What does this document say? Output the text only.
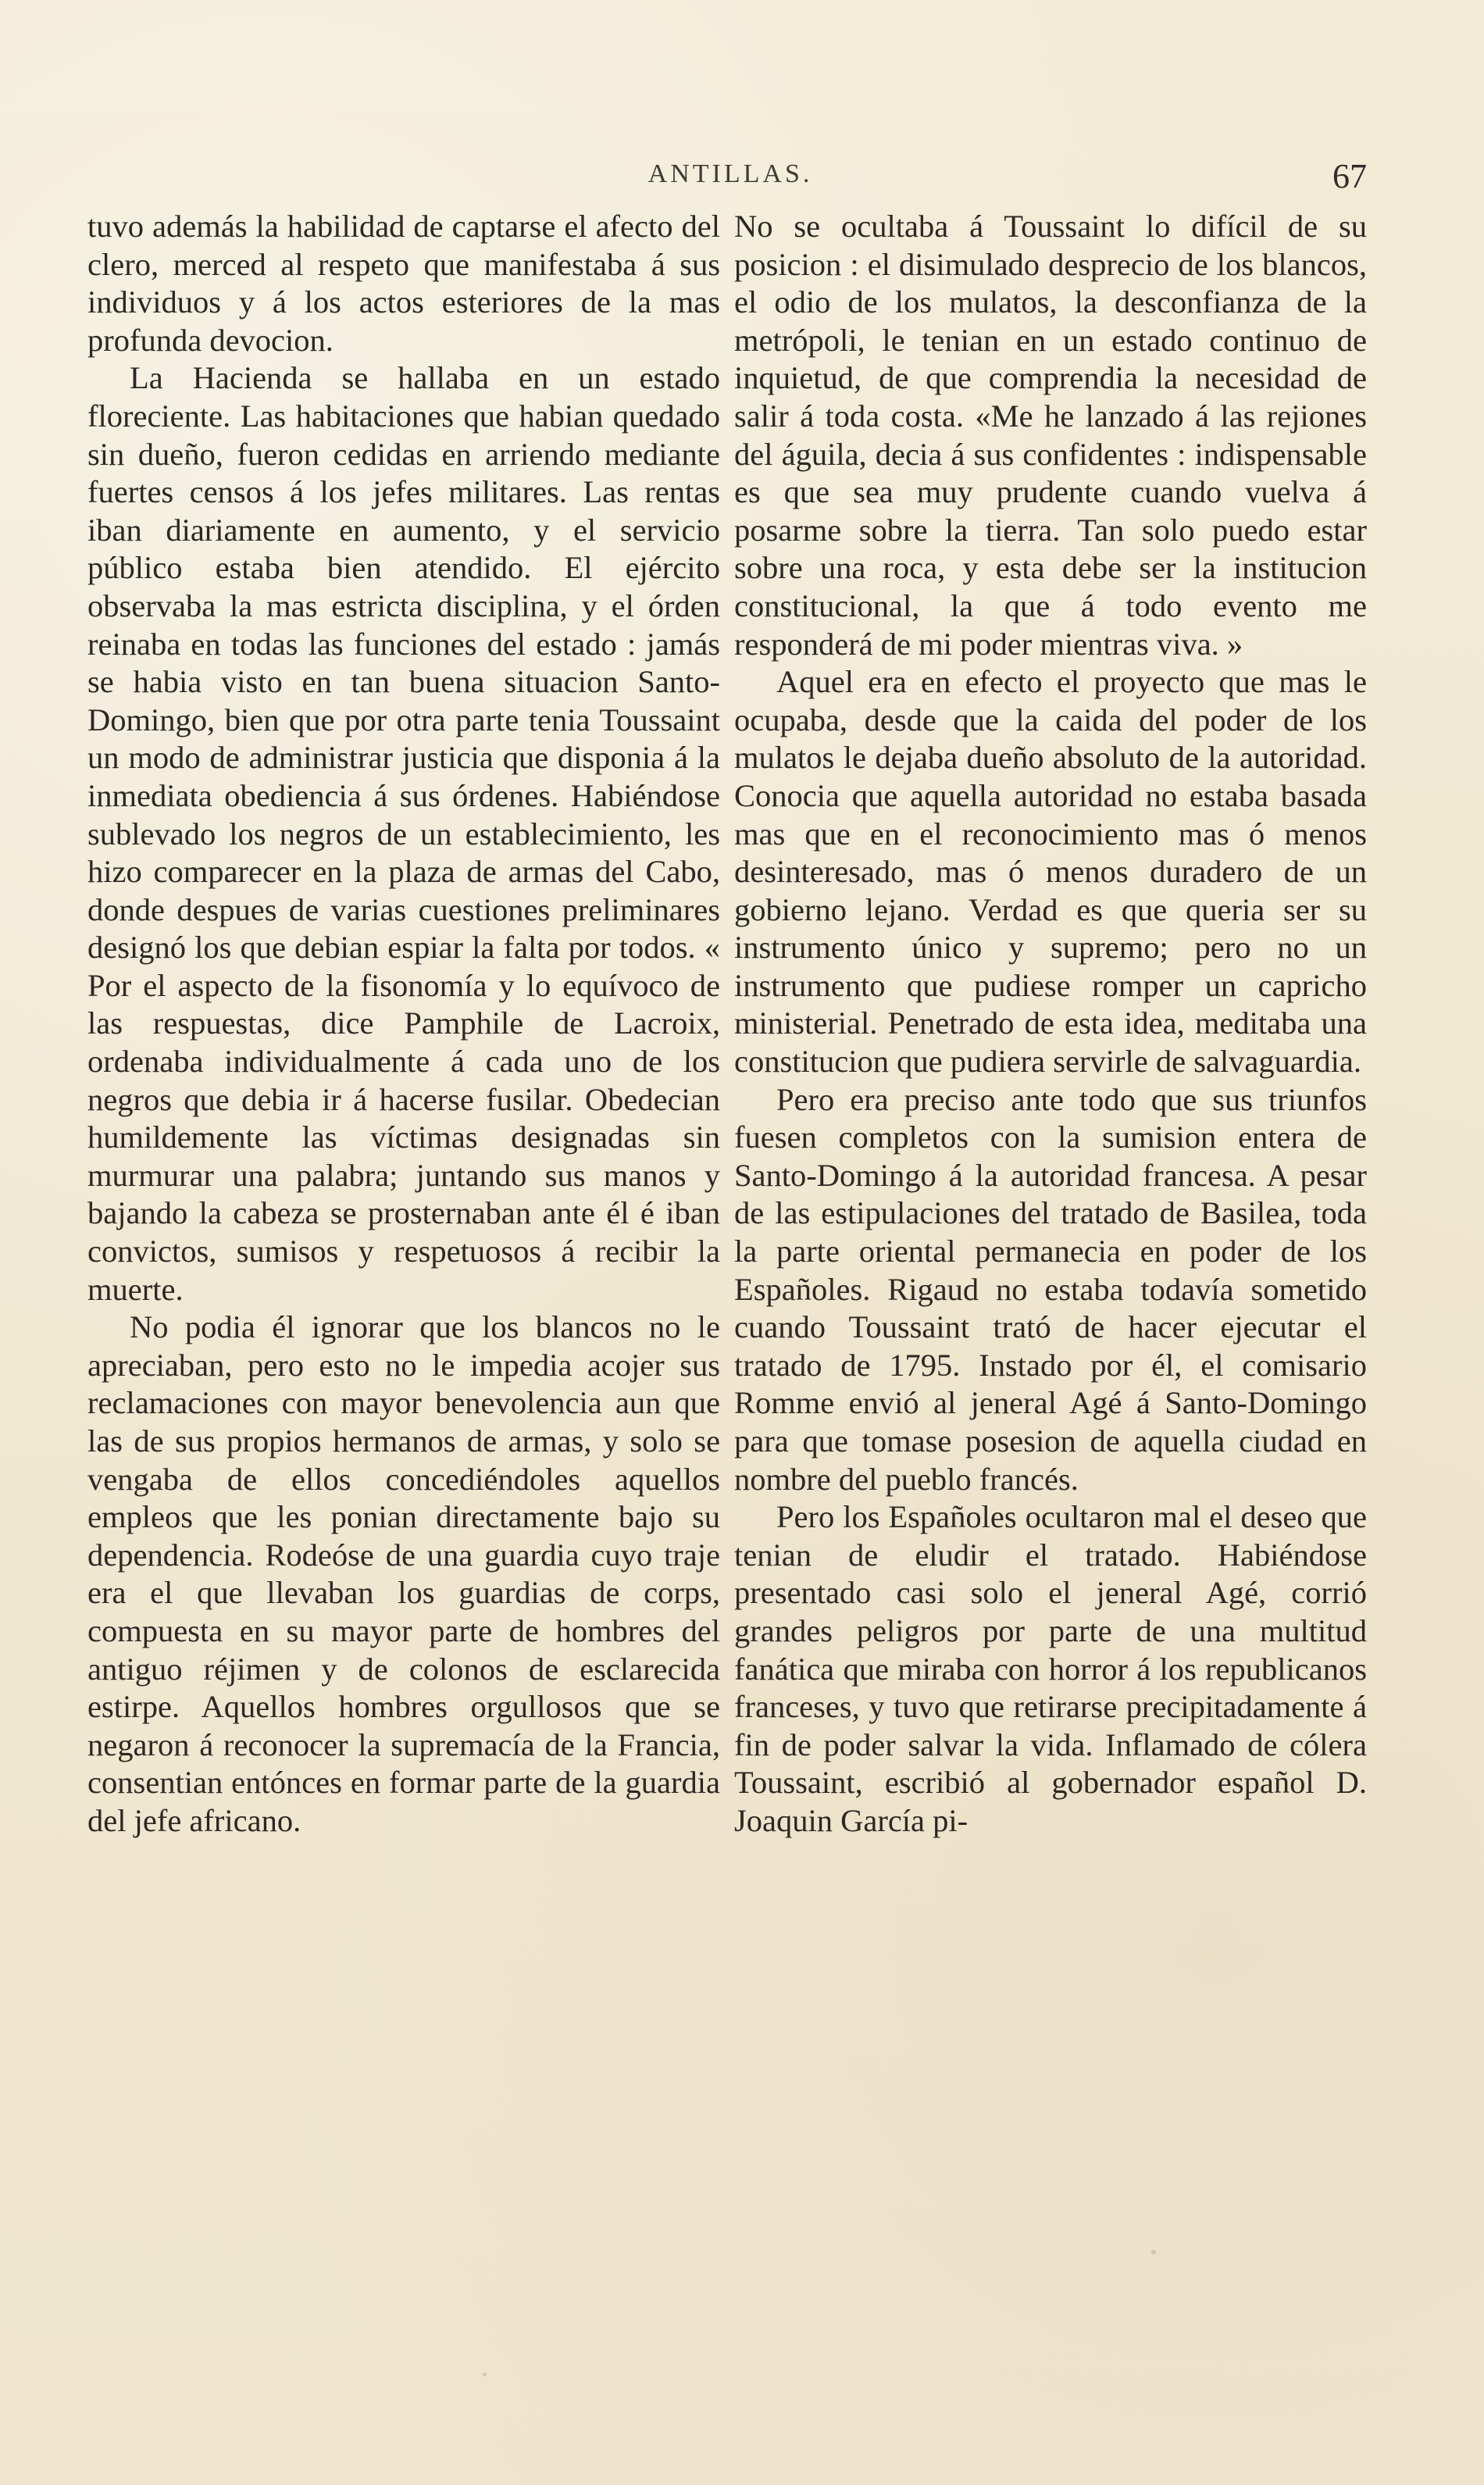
ANTILLAS.	67

tuvo además la habilidad de captarse el afecto del clero, merced al respeto que manifestaba á sus individuos y á los actos esteriores de la mas profunda devocion.

La Hacienda se hallaba en un estado floreciente. Las habitaciones que habian quedado sin dueño, fueron cedidas en arriendo mediante fuertes censos á los jefes militares. Las rentas iban diariamente en aumento, y el servicio público estaba bien atendido. El ejército observaba la mas estricta disciplina, y el órden reinaba en todas las funciones del estado : jamás se habia visto en tan buena situacion Santo-Domingo, bien que por otra parte tenia Toussaint un modo de administrar justicia que disponia á la inmediata obediencia á sus órdenes. Habiéndose sublevado los negros de un establecimiento, les hizo comparecer en la plaza de armas del Cabo, donde despues de varias cuestiones preliminares designó los que debian espiar la falta por todos. « Por el aspecto de la fisonomía y lo equívoco de las respuestas, dice Pamphile de Lacroix, ordenaba individualmente á cada uno de los negros que debia ir á hacerse fusilar. Obedecian humildemente las víctimas designadas sin murmurar una palabra; juntando sus manos y bajando la cabeza se prosternaban ante él é iban convictos, sumisos y respetuosos á recibir la muerte.

No podia él ignorar que los blancos no le apreciaban, pero esto no le impedia acojer sus reclamaciones con mayor benevolencia aun que las de sus propios hermanos de armas, y solo se vengaba de ellos concediéndoles aquellos empleos que les ponian directamente bajo su dependencia. Rodeóse de una guardia cuyo traje era el que llevaban los guardias de corps, compuesta en su mayor parte de hombres del antiguo réjimen y de colonos de esclarecida estirpe. Aquellos hombres orgullosos que se negaron á reconocer la supremacía de la Francia, consentian entónces en formar parte de la guardia del jefe africano.

No se ocultaba á Toussaint lo difícil de su posicion : el disimulado desprecio de los blancos, el odio de los mulatos, la desconfianza de la metrópoli, le tenian en un estado continuo de inquietud, de que comprendia la necesidad de salir á toda costa. «Me he lanzado á las rejiones del águila, decia á sus confidentes : indispensable es que sea muy prudente cuando vuelva á posarme sobre la tierra. Tan solo puedo estar sobre una roca, y esta debe ser la institucion constitucional, la que á todo evento me responderá de mi poder mientras viva. »

Aquel era en efecto el proyecto que mas le ocupaba, desde que la caida del poder de los mulatos le dejaba dueño absoluto de la autoridad. Conocia que aquella autoridad no estaba basada mas que en el reconocimiento mas ó menos desinteresado, mas ó menos duradero de un gobierno lejano. Verdad es que queria ser su instrumento único y supremo; pero no un instrumento que pudiese romper un capricho ministerial. Penetrado de esta idea, meditaba una constitucion que pudiera servirle de salvaguardia.

Pero era preciso ante todo que sus triunfos fuesen completos con la sumision entera de Santo-Domingo á la autoridad francesa. A pesar de las estipulaciones del tratado de Basilea, toda la parte oriental permanecia en poder de los Españoles. Rigaud no estaba todavía sometido cuando Toussaint trató de hacer ejecutar el tratado de 1795. Instado por él, el comisario Romme envió al jeneral Agé á Santo-Domingo para que tomase posesion de aquella ciudad en nombre del pueblo francés.

Pero los Españoles ocultaron mal el deseo que tenian de eludir el tratado. Habiéndose presentado casi solo el jeneral Agé, corrió grandes peligros por parte de una multitud fanática que miraba con horror á los republicanos franceses, y tuvo que retirarse precipitadamente á fin de poder salvar la vida. Inflamado de cólera Toussaint, escribió al gobernador español D. Joaquin García pi-
